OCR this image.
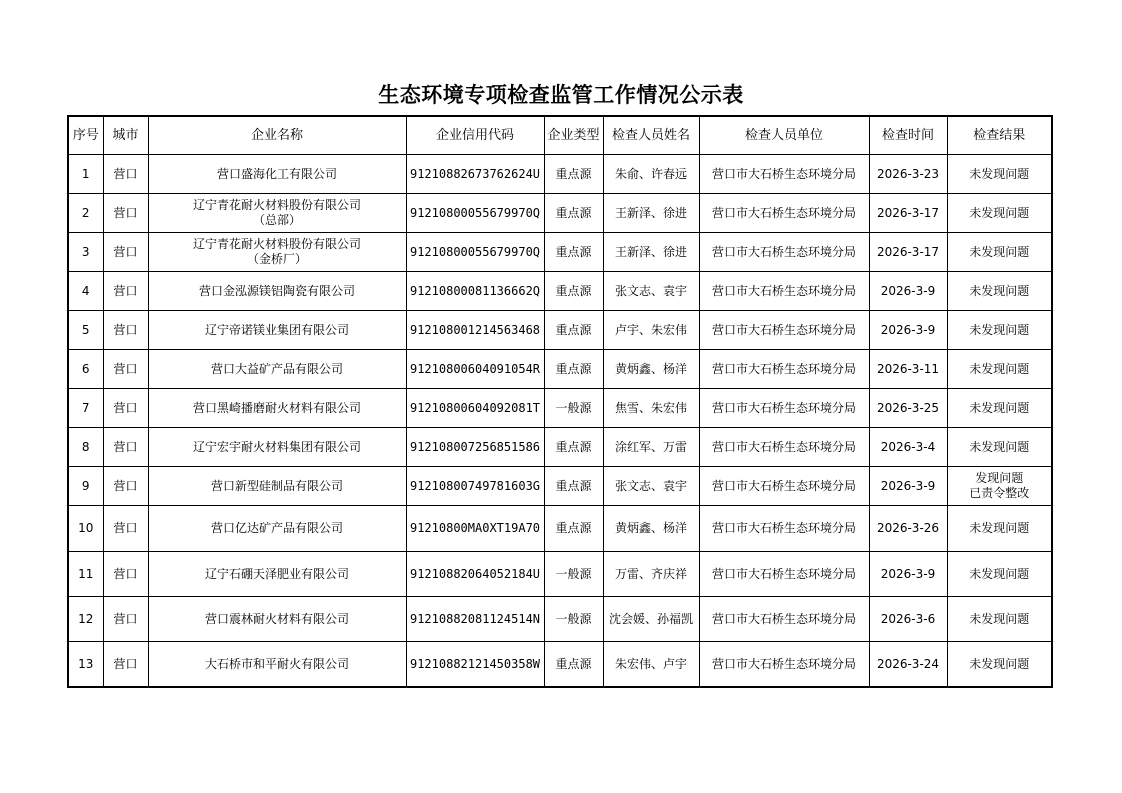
生态环境专项检查监管工作情况公示表
序号	城市	企业名称	企业信用代码	企业类型	检查人员姓名	检查人员单位	检查时间	检查结果
1	营口	营口盛海化工有限公司	91210882673762624U	重点源	朱俞、许春远	营口市大石桥生态环境分局	2026-3-23	未发现问题

2	营口	辽宁青花耐火材料股份有限公司
（总部）	91210800055679970Q	重点源	王新泽、徐进	营口市大石桥生态环境分局	2026-3-17	未发现问题

3	营口	辽宁青花耐火材料股份有限公司
（金桥厂）	91210800055679970Q	重点源	王新泽、徐进	营口市大石桥生态环境分局	2026-3-17	未发现问题

4	营口	营口金泓源镁铝陶瓷有限公司	91210800081136662Q	重点源	张文志、袁宇	营口市大石桥生态环境分局	2026-3-9	未发现问题

5	营口	辽宁帝诺镁业集团有限公司	912108001214563468	重点源	卢宇、朱宏伟	营口市大石桥生态环境分局	2026-3-9	未发现问题

6	营口	营口大益矿产品有限公司	91210800604091054R	重点源	黄炳鑫、杨洋	营口市大石桥生态环境分局	2026-3-11	未发现问题

7	营口	营口黑崎播磨耐火材料有限公司	91210800604092081T	一般源	焦雪、朱宏伟	营口市大石桥生态环境分局	2026-3-25	未发现问题

8	营口	辽宁宏宇耐火材料集团有限公司	912108007256851586	重点源	涂红军、万雷	营口市大石桥生态环境分局	2026-3-4	未发现问题

9	营口	营口新型硅制品有限公司	91210800749781603G	重点源	张文志、袁宇	营口市大石桥生态环境分局	2026-3-9	发现问题
已责令整改

10	营口	营口亿达矿产品有限公司	91210800MA0XT19A70	重点源	黄炳鑫、杨洋	营口市大石桥生态环境分局	2026-3-26	未发现问题

11	营口	辽宁石硼天泽肥业有限公司	91210882064052184U	一般源	万雷、齐庆祥	营口市大石桥生态环境分局	2026-3-9	未发现问题

12	营口	营口震林耐火材料有限公司	91210882081124514N	一般源	沈会媛、孙福凯	营口市大石桥生态环境分局	2026-3-6	未发现问题

13	营口	大石桥市和平耐火有限公司	91210882121450358W	重点源	朱宏伟、卢宇	营口市大石桥生态环境分局	2026-3-24	未发现问题
